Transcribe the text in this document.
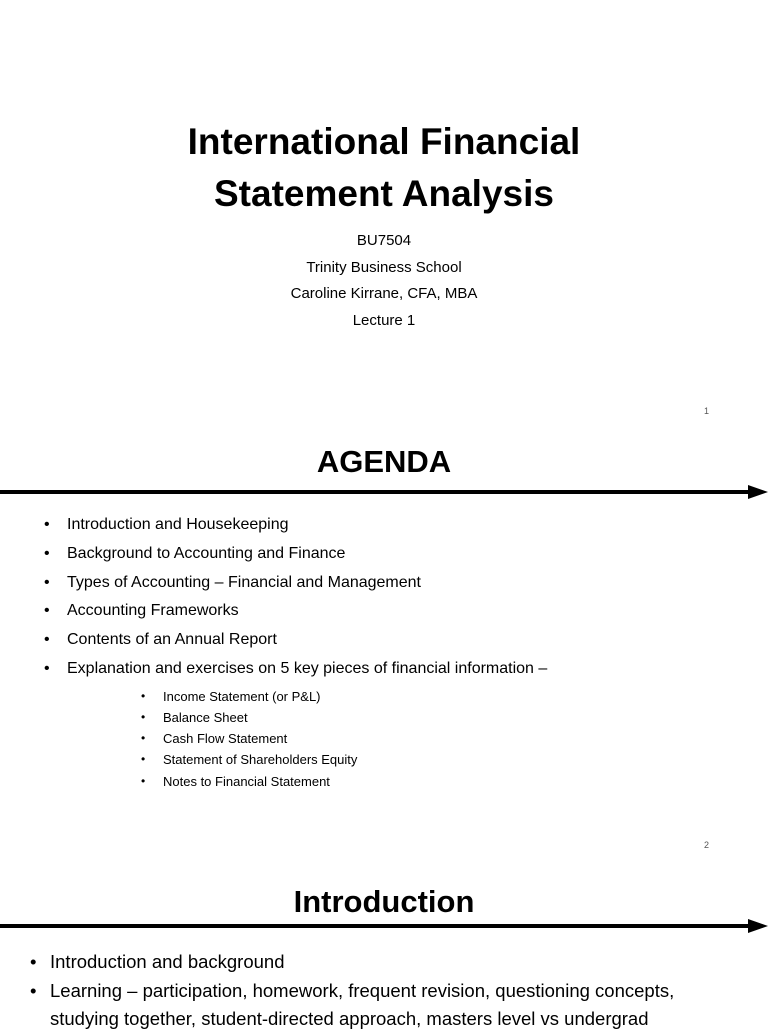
International Financial
Statement Analysis
BU7504
Trinity Business School
Caroline Kirrane, CFA, MBA
Lecture 1
1
AGENDA
• Introduction and Housekeeping
• Background to Accounting and Finance
• Types of Accounting – Financial and Management
• Accounting Frameworks
• Contents of an Annual Report
• Explanation and exercises on 5 key pieces of financial information –
• Income Statement (or P&L)
• Balance Sheet
• Cash Flow Statement
• Statement of Shareholders Equity
• Notes to Financial Statement
2
Introduction
• Introduction and background
• Learning – participation, homework, frequent revision, questioning concepts, studying together, student-directed approach, masters level vs undergrad
